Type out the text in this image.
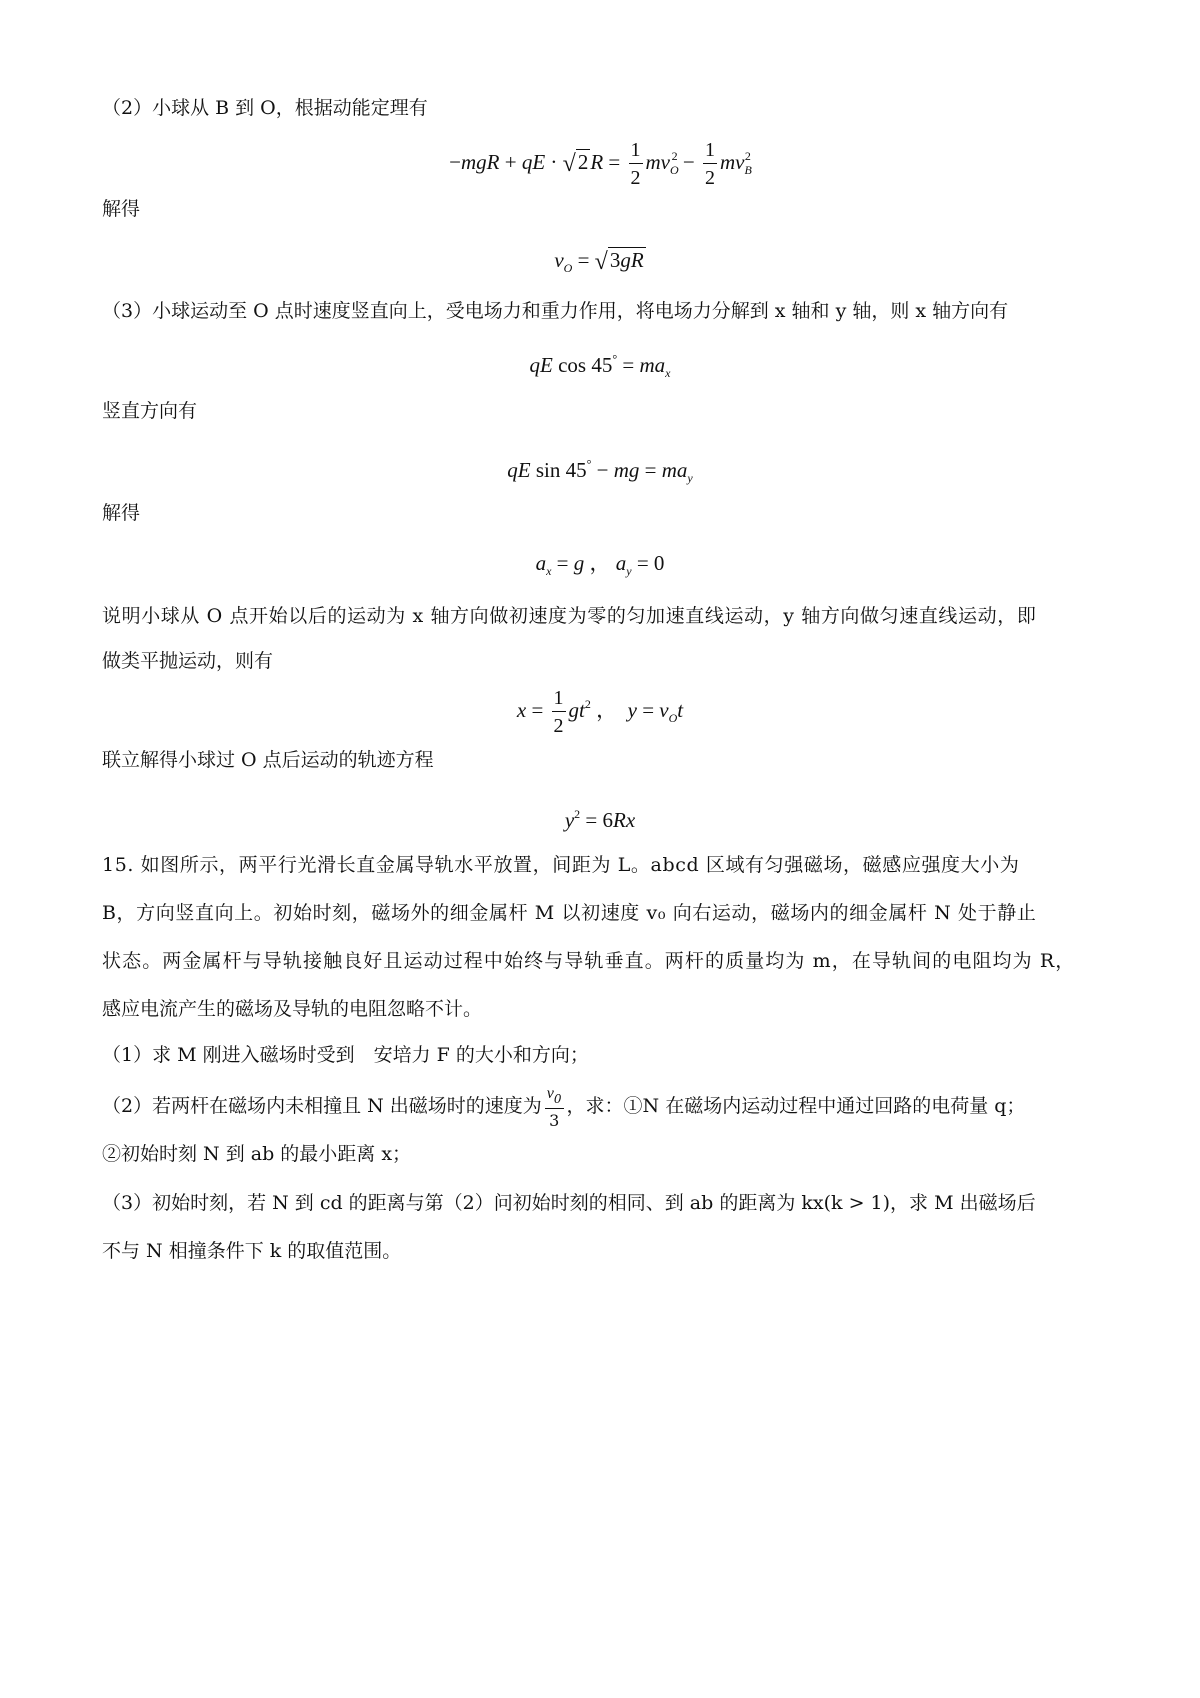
（2）小球从 B 到 O，根据动能定理有
−mgR + qE · $√2R = \frac{1}{2} mv_O^2 - \frac{1}{2} mv_B^2$
解得
$v_O = √3gR$
（3）小球运动至 O 点时速度竖直向上，受电场力和重力作用，将电场力分解到 x 轴和 y 轴，则 x 轴方向有
qE $\cos 45^\circ = ma_x$
竖直方向有
qE sin 45° − mg = $ma_y$
解得
$a_x = g$ ， $a_y = 0$
说明小球从 O 点开始以后的运动为 x 轴方向做初速度为零的匀加速直线运动，y 轴方向做匀速直线运动，即
做类平抛运动，则有
$x = \frac{1}{2} gt^2$ ，  $y = v_Ot$
联立解得小球过 O 点后运动的轨迹方程
$y^2 = 6Rx$
15. 如图所示，两平行光滑长直金属导轨水平放置，间距为 L。abcd 区域有匀强磁场，磁感应强度大小为
B，方向竖直向上。初始时刻，磁场外的细金属杆 M 以初速度 v₀ 向右运动，磁场内的细金属杆 N 处于静止
状态。两金属杆与导轨接触良好且运动过程中始终与导轨垂直。两杆的质量均为 m，在导轨间的电阻均为 R，
感应电流产生的磁场及导轨的电阻忽略不计。
（1）求 M 刚进入磁场时受到　安培力 F 的大小和方向；
（2）若两杆在磁场内未相撞且 N 出磁场时的速度为 $\frac{v_0}{3}$ ，求：①N 在磁场内运动过程中通过回路的电荷量 q；
②初始时刻 N 到 ab 的最小距离 x；
（3）初始时刻，若 N 到 cd 的距离与第（2）问初始时刻的相同、到 ab 的距离为 kx(k > 1)，求 M 出磁场后
不与 N 相撞条件下 k 的取值范围。
